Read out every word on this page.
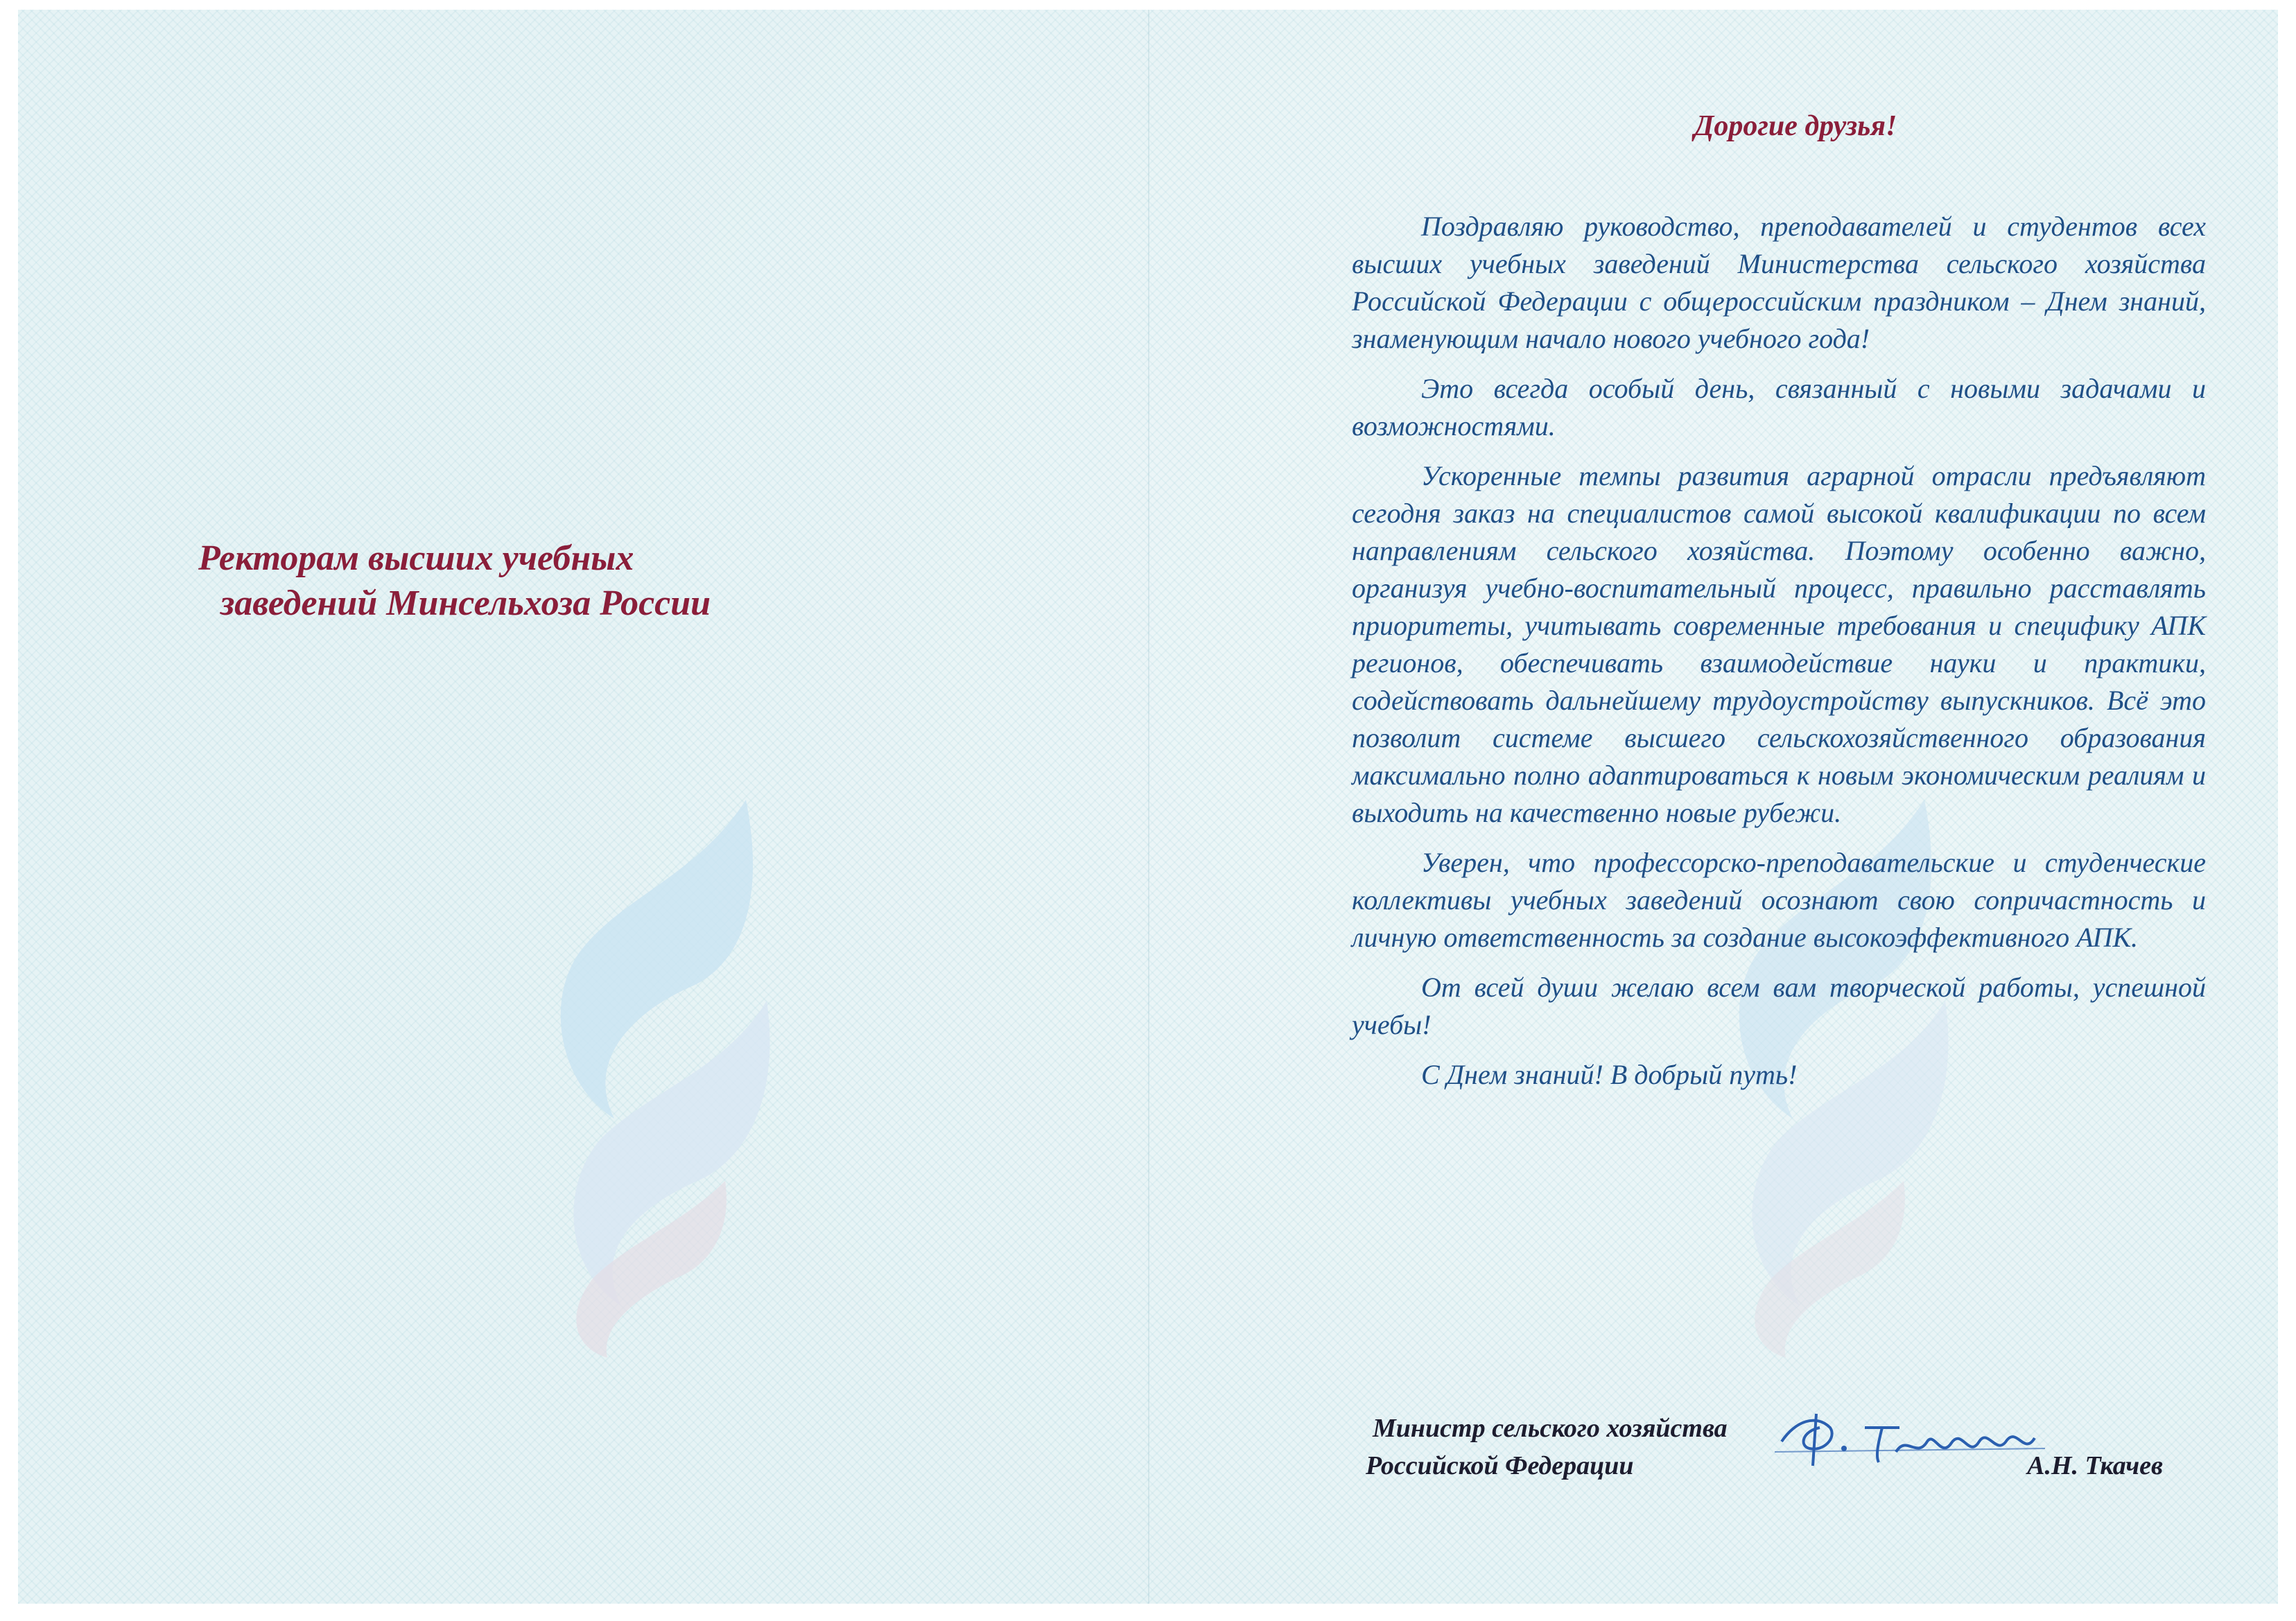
Ректорам высших учебных
заведений Минсельхоза России
Дорогие друзья!

Поздравляю руководство, преподавателей и студентов всех высших учебных заведений Министерства сельского хозяйства Российской Федерации с общероссийским праздником – Днем знаний, знаменующим начало нового учебного года!

Это всегда особый день, связанный с новыми задачами и возможностями.

Ускоренные темпы развития аграрной отрасли предъявляют сегодня заказ на специалистов самой высокой квалификации по всем направлениям сельского хозяйства. Поэтому особенно важно, организуя учебно-воспитательный процесс, правильно расставлять приоритеты, учитывать современные требования и специфику АПК регионов, обеспечивать взаимодействие науки и практики, содействовать дальнейшему трудоустройству выпускников. Всё это позволит системе высшего сельскохозяйственного образования максимально полно адаптироваться к новым экономическим реалиям и выходить на качественно новые рубежи.

Уверен, что профессорско-преподавательские и студенческие коллективы учебных заведений осознают свою сопричастность и личную ответственность за создание высокоэффективного АПК.

От всей души желаю всем вам творческой работы, успешной учебы!

С Днем знаний! В добрый путь!

Министр сельского хозяйства
Российской Федерации	А.Н. Ткачев
